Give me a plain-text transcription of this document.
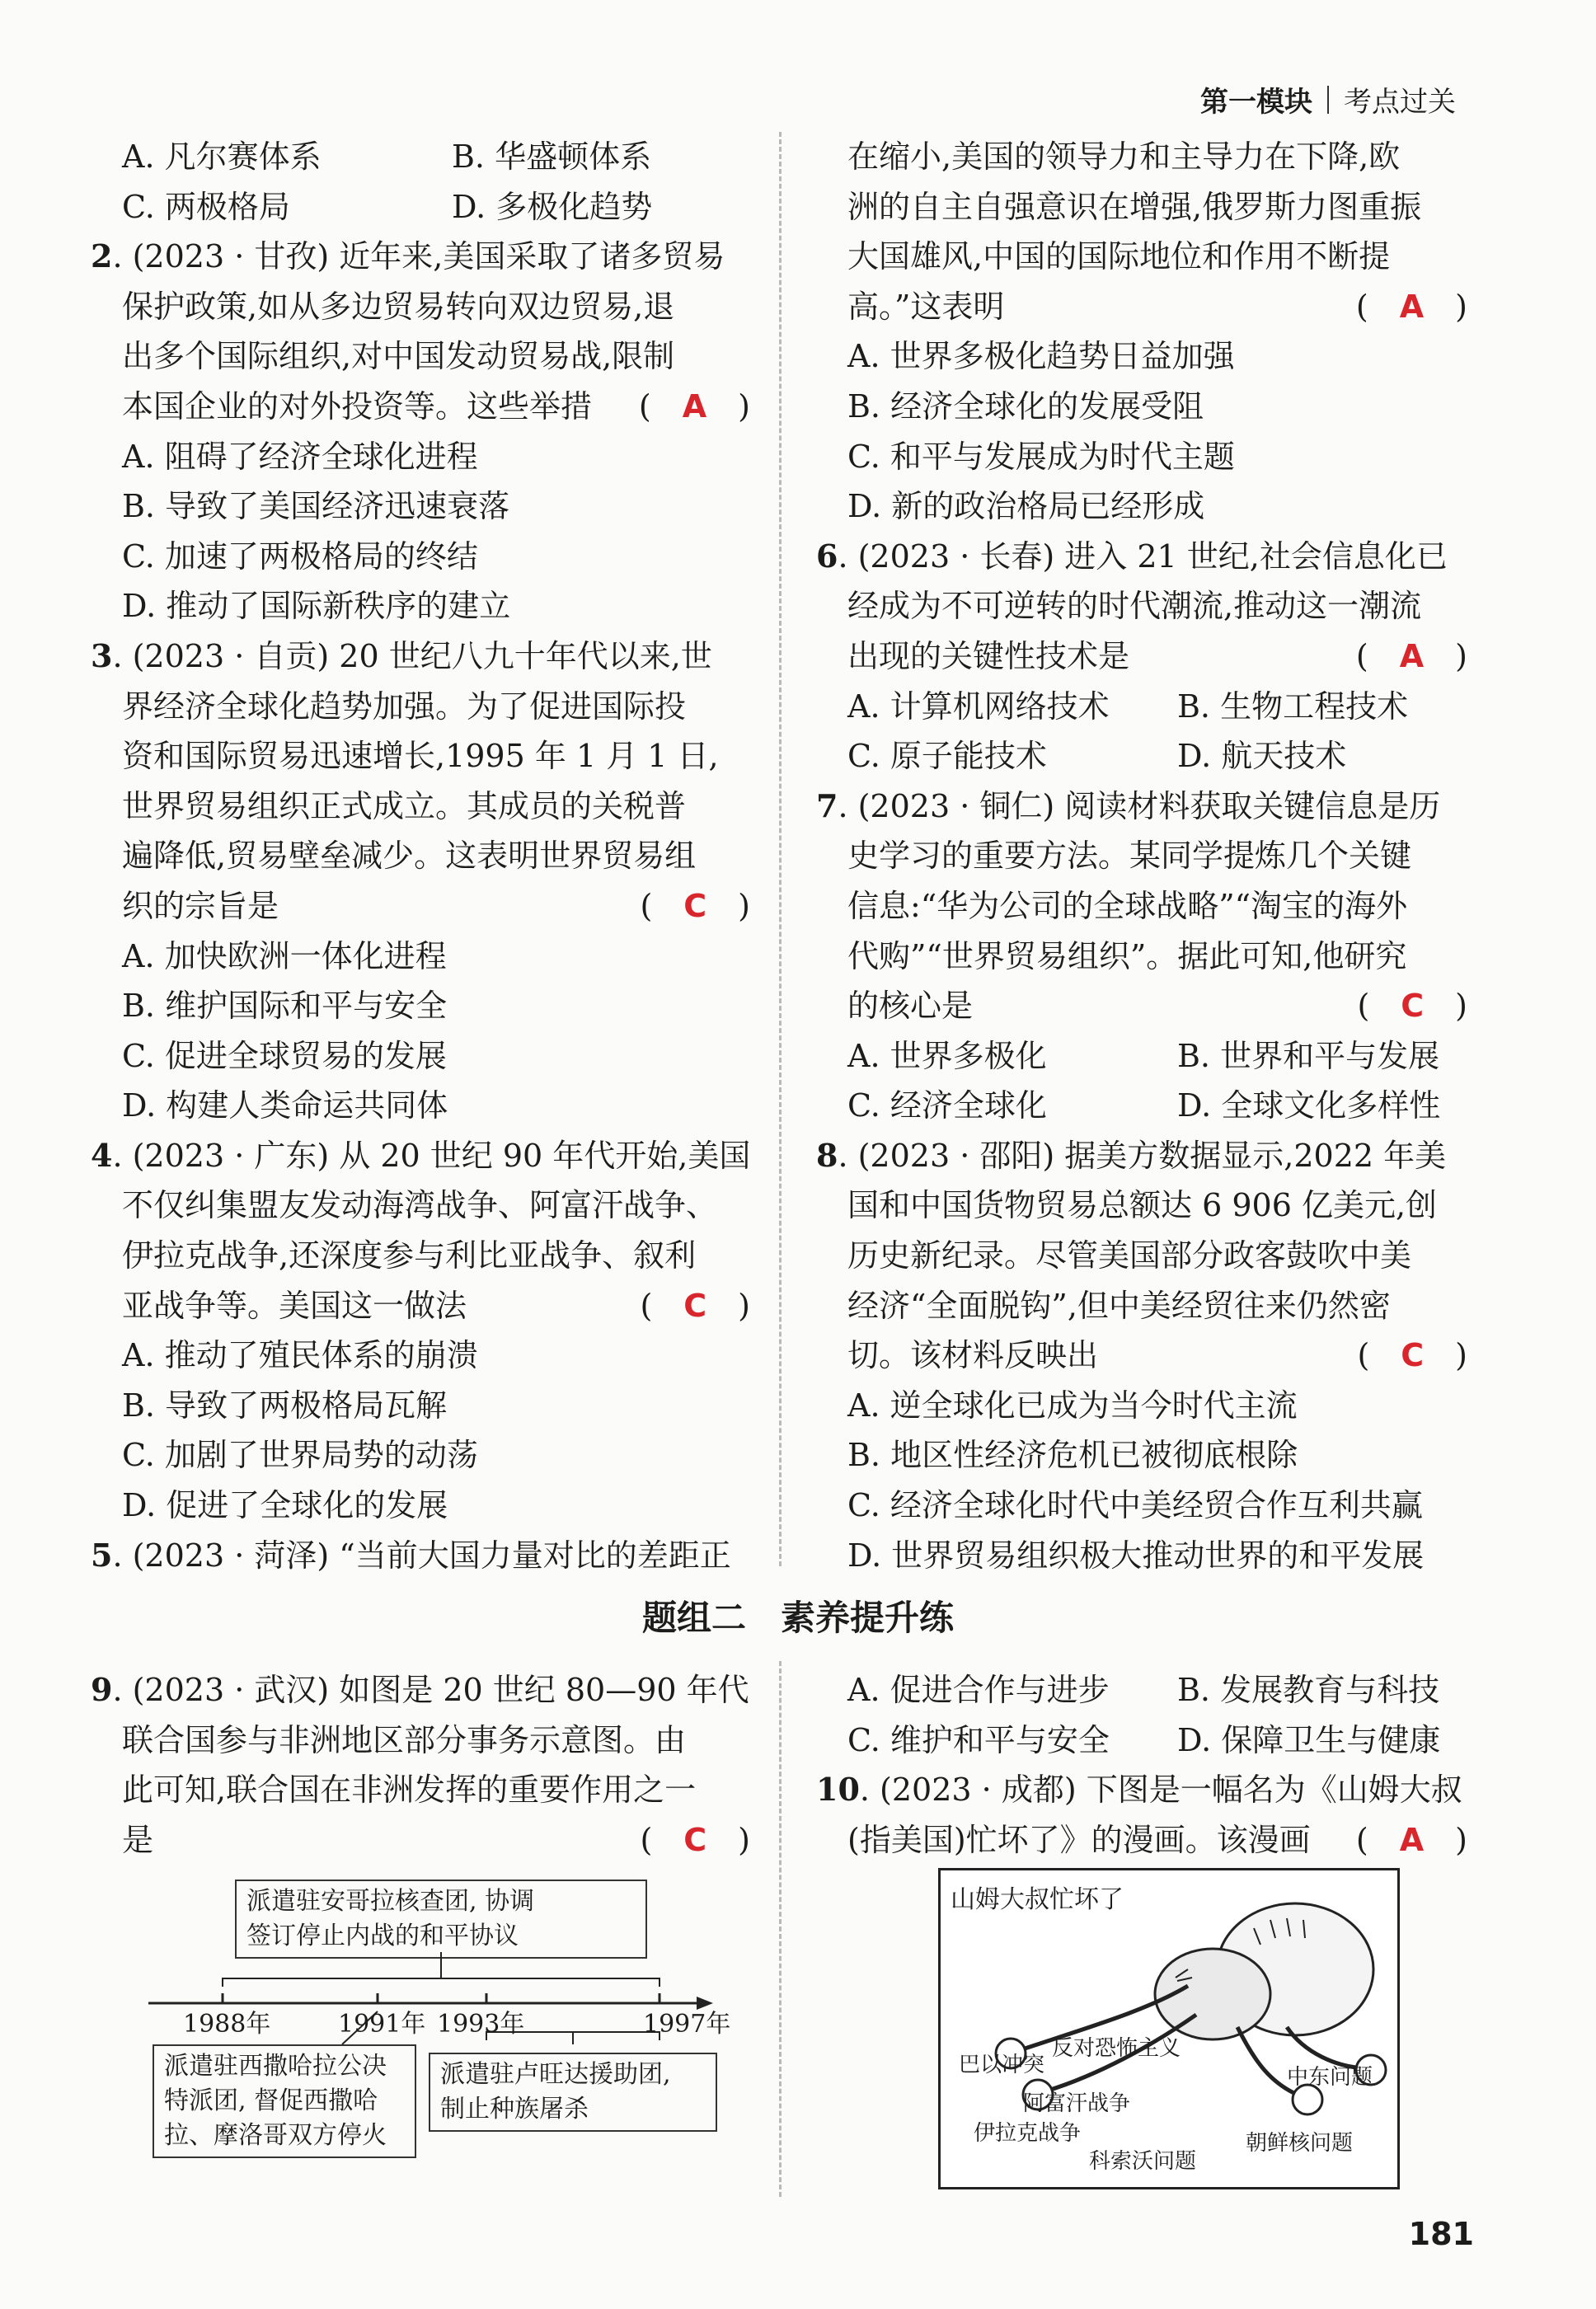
第一模块 考点过关
A. 凡尔赛体系	B. 华盛顿体系
C. 两极格局	D. 多极化趋势
2. (2023 · 甘孜) 近年来,美国采取了诸多贸易
保护政策,如从多边贸易转向双边贸易,退
出多个国际组织,对中国发动贸易战,限制
本国企业的对外投资等。这些举措 (　A　)
A. 阻碍了经济全球化进程
B. 导致了美国经济迅速衰落
C. 加速了两极格局的终结
D. 推动了国际新秩序的建立
3. (2023 · 自贡) 20 世纪八九十年代以来,世
界经济全球化趋势加强。为了促进国际投
资和国际贸易迅速增长,1995 年 1 月 1 日,
世界贸易组织正式成立。其成员的关税普
遍降低,贸易壁垒减少。这表明世界贸易组
织的宗旨是	(　C　)
A. 加快欧洲一体化进程
B. 维护国际和平与安全
C. 促进全球贸易的发展
D. 构建人类命运共同体
4. (2023 · 广东) 从 20 世纪 90 年代开始,美国
不仅纠集盟友发动海湾战争、阿富汗战争、
伊拉克战争,还深度参与利比亚战争、叙利
亚战争等。美国这一做法	(　C　)
A. 推动了殖民体系的崩溃
B. 导致了两极格局瓦解
C. 加剧了世界局势的动荡
D. 促进了全球化的发展
5. (2023 · 菏泽) “当前大国力量对比的差距正
在缩小,美国的领导力和主导力在下降,欧
洲的自主自强意识在增强,俄罗斯力图重振
大国雄风,中国的国际地位和作用不断提
高。”这表明	(　A　)
A. 世界多极化趋势日益加强
B. 经济全球化的发展受阻
C. 和平与发展成为时代主题
D. 新的政治格局已经形成
6. (2023 · 长春) 进入 21 世纪,社会信息化已
经成为不可逆转的时代潮流,推动这一潮流
出现的关键性技术是	(　A　)
A. 计算机网络技术	B. 生物工程技术
C. 原子能技术	D. 航天技术
7. (2023 · 铜仁) 阅读材料获取关键信息是历
史学习的重要方法。某同学提炼几个关键
信息:“华为公司的全球战略”“淘宝的海外
代购”“世界贸易组织”。据此可知,他研究
的核心是	(　C　)
A. 世界多极化	B. 世界和平与发展
C. 经济全球化	D. 全球文化多样性
8. (2023 · 邵阳) 据美方数据显示,2022 年美
国和中国货物贸易总额达 6 906 亿美元,创
历史新纪录。尽管美国部分政客鼓吹中美
经济“全面脱钩”,但中美经贸往来仍然密
切。该材料反映出	(　C　)
A. 逆全球化已成为当今时代主流
B. 地区性经济危机已被彻底根除
C. 经济全球化时代中美经贸合作互利共赢
D. 世界贸易组织极大推动世界的和平发展
题组二　素养提升练
9. (2023 · 武汉) 如图是 20 世纪 80—90 年代
联合国参与非洲地区部分事务示意图。由
此可知,联合国在非洲发挥的重要作用之一
是	(　C　)
A. 促进合作与进步	B. 发展教育与科技
C. 维护和平与安全	D. 保障卫生与健康
10. (2023 · 成都) 下图是一幅名为《山姆大叔
(指美国)忙坏了》的漫画。该漫画 (　A　)
派遣驻安哥拉核查团, 协调
签订停止内战的和平协议
1988年	1991年 1993年	1997年
派遣驻西撒哈拉公决
特派团, 督促西撒哈
拉、摩洛哥双方停火
派遣驻卢旺达援助团,
制止种族屠杀
山姆大叔忙坏了
巴以冲突
反对恐怖主义
阿富汗战争
伊拉克战争
科索沃问题
朝鲜核问题
中东问题
181
